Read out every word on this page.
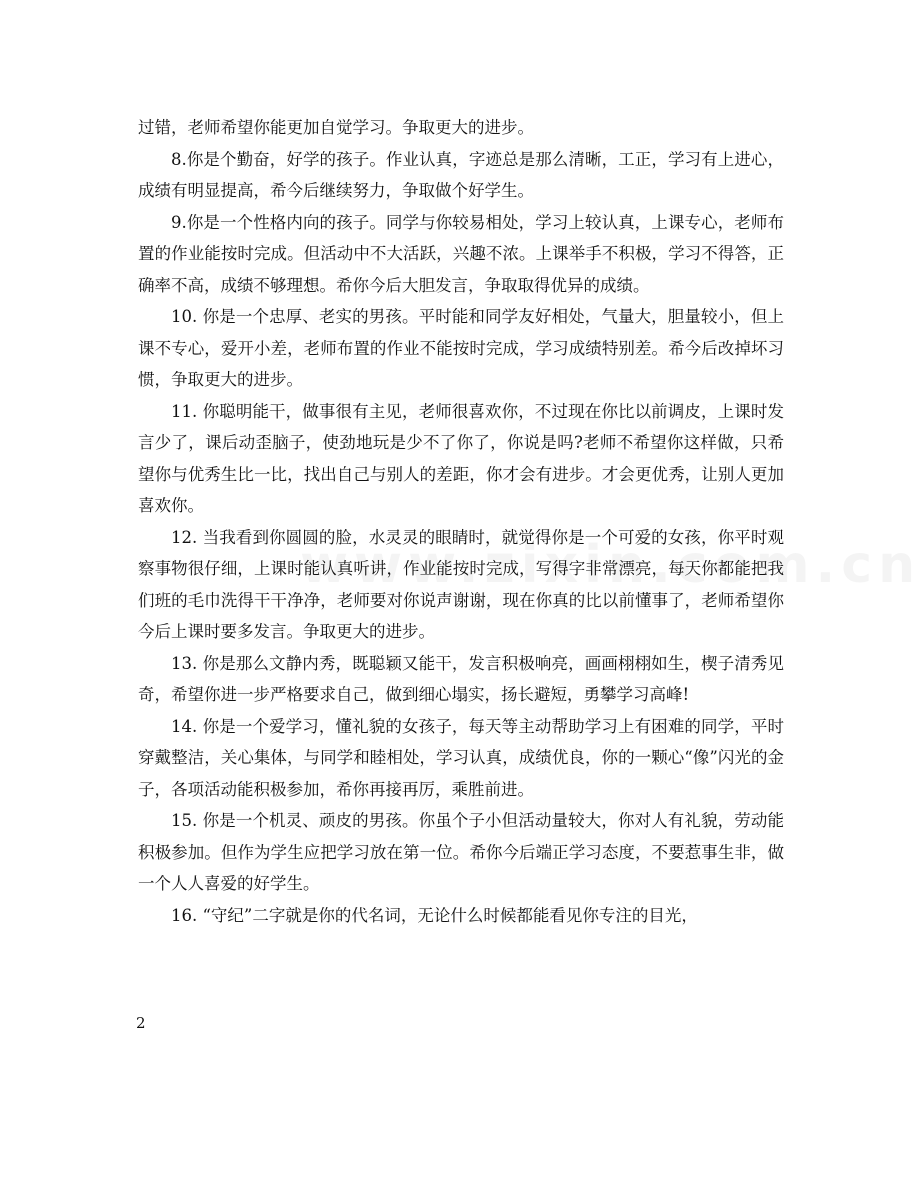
过错，老师希望你能更加自觉学习。争取更大的进步。

8.你是个勤奋，好学的孩子。作业认真，字迹总是那么清晰，工正，学习有上进心，成绩有明显提高，希今后继续努力，争取做个好学生。

9.你是一个性格内向的孩子。同学与你较易相处，学习上较认真，上课专心，老师布置的作业能按时完成。但活动中不大活跃，兴趣不浓。上课举手不积极，学习不得答，正确率不高，成绩不够理想。希你今后大胆发言，争取取得优异的成绩。

10. 你是一个忠厚、老实的男孩。平时能和同学友好相处，气量大，胆量较小，但上课不专心，爱开小差，老师布置的作业不能按时完成，学习成绩特别差。希今后改掉坏习惯，争取更大的进步。

11. 你聪明能干，做事很有主见，老师很喜欢你，不过现在你比以前调皮，上课时发言少了，课后动歪脑子，使劲地玩是少不了你了，你说是吗?老师不希望你这样做，只希望你与优秀生比一比，找出自己与别人的差距，你才会有进步。才会更优秀，让别人更加喜欢你。

12. 当我看到你圆圆的脸，水灵灵的眼睛时，就觉得你是一个可爱的女孩，你平时观察事物很仔细，上课时能认真听讲，作业能按时完成，写得字非常漂亮，每天你都能把我们班的毛巾洗得干干净净，老师要对你说声谢谢，现在你真的比以前懂事了，老师希望你今后上课时要多发言。争取更大的进步。

13. 你是那么文静内秀，既聪颖又能干，发言积极响亮，画画栩栩如生，楔子清秀见奇，希望你进一步严格要求自己，做到细心塌实，扬长避短，勇攀学习高峰!

14. 你是一个爱学习，懂礼貌的女孩子，每天等主动帮助学习上有困难的同学，平时穿戴整洁，关心集体，与同学和睦相处，学习认真，成绩优良，你的一颗心“像”闪光的金子，各项活动能积极参加，希你再接再厉，乘胜前进。

15. 你是一个机灵、顽皮的男孩。你虽个子小但活动量较大，你对人有礼貌，劳动能积极参加。但作为学生应把学习放在第一位。希你今后端正学习态度，不要惹事生非，做一个人人喜爱的好学生。

16. “守纪”二字就是你的代名词，无论什么时候都能看见你专注的目光，

2
